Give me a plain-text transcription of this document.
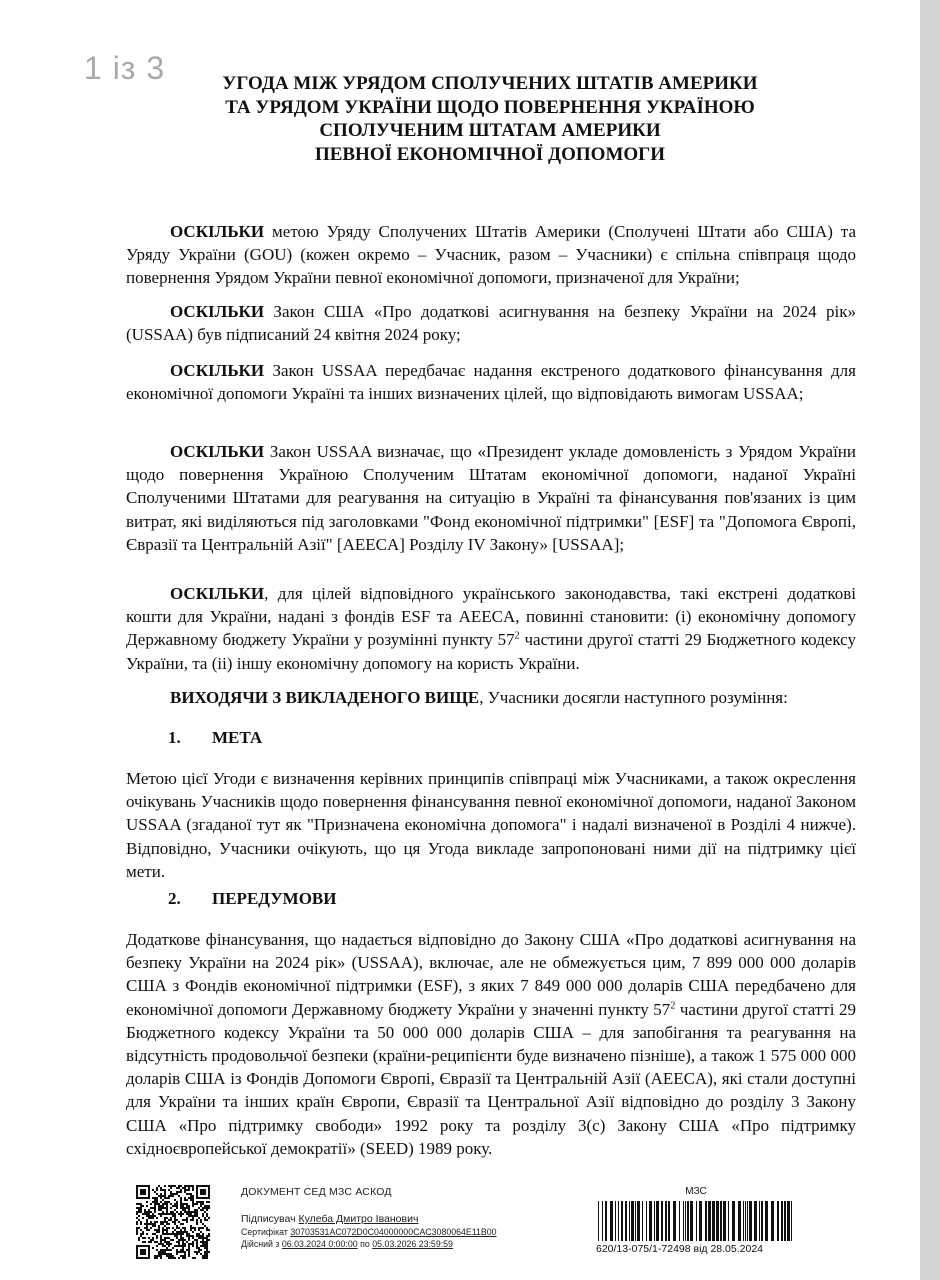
1 із 3	УГОДА МІЖ УРЯДОМ СПОЛУЧЕНИХ ШТАТІВ АМЕРИКИ
ТА УРЯДОМ УКРАЇНИ ЩОДО ПОВЕРНЕННЯ УКРАЇНОЮ
СПОЛУЧЕНИМ ШТАТАМ АМЕРИКИ
ПЕВНОЇ ЕКОНОМІЧНОЇ ДОПОМОГИ
ОСКІЛЬКИ метою Уряду Сполучених Штатів Америки (Сполучені Штати або США) та Уряду України (GOU) (кожен окремо – Учасник, разом – Учасники) є спільна співпраця щодо повернення Урядом України певної економічної допомоги, призначеної для України;
ОСКІЛЬКИ Закон США «Про додаткові асигнування на безпеку України на 2024 рік» (USSAA) був підписаний 24 квітня 2024 року;
ОСКІЛЬКИ Закон USSAA передбачає надання екстреного додаткового фінансування для економічної допомоги Україні та інших визначених цілей, що відповідають вимогам USSAA;
ОСКІЛЬКИ Закон USSAA визначає, що «Президент укладе домовленість з Урядом України щодо повернення Україною Сполученим Штатам економічної допомоги, наданої Україні Сполученими Штатами для реагування на ситуацію в Україні та фінансування пов'язаних із цим витрат, які виділяються під заголовками "Фонд економічної підтримки" [ESF] та "Допомога Європі, Євразії та Центральній Азії" [AEECA] Розділу IV Закону» [USSAA];
ОСКІЛЬКИ, для цілей відповідного українського законодавства, такі екстрені додаткові кошти для України, надані з фондів ESF та AEECA, повинні становити: (i) економічну допомогу Державному бюджету України у розумінні пункту $57^2$ частини другої статті 29 Бюджетного кодексу України, та (ii) іншу економічну допомогу на користь України.
ВИХОДЯЧИ З ВИКЛАДЕНОГО ВИЩЕ, Учасники досягли наступного розуміння:
1. МЕТА
Метою цієї Угоди є визначення керівних принципів співпраці між Учасниками, а також окреслення очікувань Учасників щодо повернення фінансування певної економічної допомоги, наданої Законом USSAA (згаданої тут як "Призначена економічна допомога" і надалі визначеної в Розділі 4 нижче). Відповідно, Учасники очікують, що ця Угода викладе запропоновані ними дії на підтримку цієї мети.
2. ПЕРЕДУМОВИ
Додаткове фінансування, що надається відповідно до Закону США «Про додаткові асигнування на безпеку України на 2024 рік» (USSAA), включає, але не обмежується цим, 7 899 000 000 доларів США з Фондів економічної підтримки (ESF), з яких 7 849 000 000 доларів США передбачено для економічної допомоги Державному бюджету України у значенні пункту $57^2$ частини другої статті 29 Бюджетного кодексу України та 50 000 000 доларів США – для запобігання та реагування на відсутність продовольчої безпеки (країни-реципієнти буде визначено пізніше), а також 1 575 000 000 доларів США із Фондів Допомоги Європі, Євразії та Центральній Азії (AEECA), які стали доступні для України та інших країн Європи, Євразії та Центральної Азії відповідно до розділу 3 Закону США «Про підтримку свободи» 1992 року та розділу 3(c) Закону США «Про підтримку східноєвропейської демократії» (SEED) 1989 року.
ДОКУМЕНТ СЕД МЗС АСКОД
Підписувач Кулеба Дмитро Іванович
Сертифікат 30703531AC072D0C04000000CAC3080064E11B00
Дійсний з 06.03.2024 0:00:00 по 05.03.2026 23:59:59
МЗС
620/13-075/1-72498 від 28.05.2024
